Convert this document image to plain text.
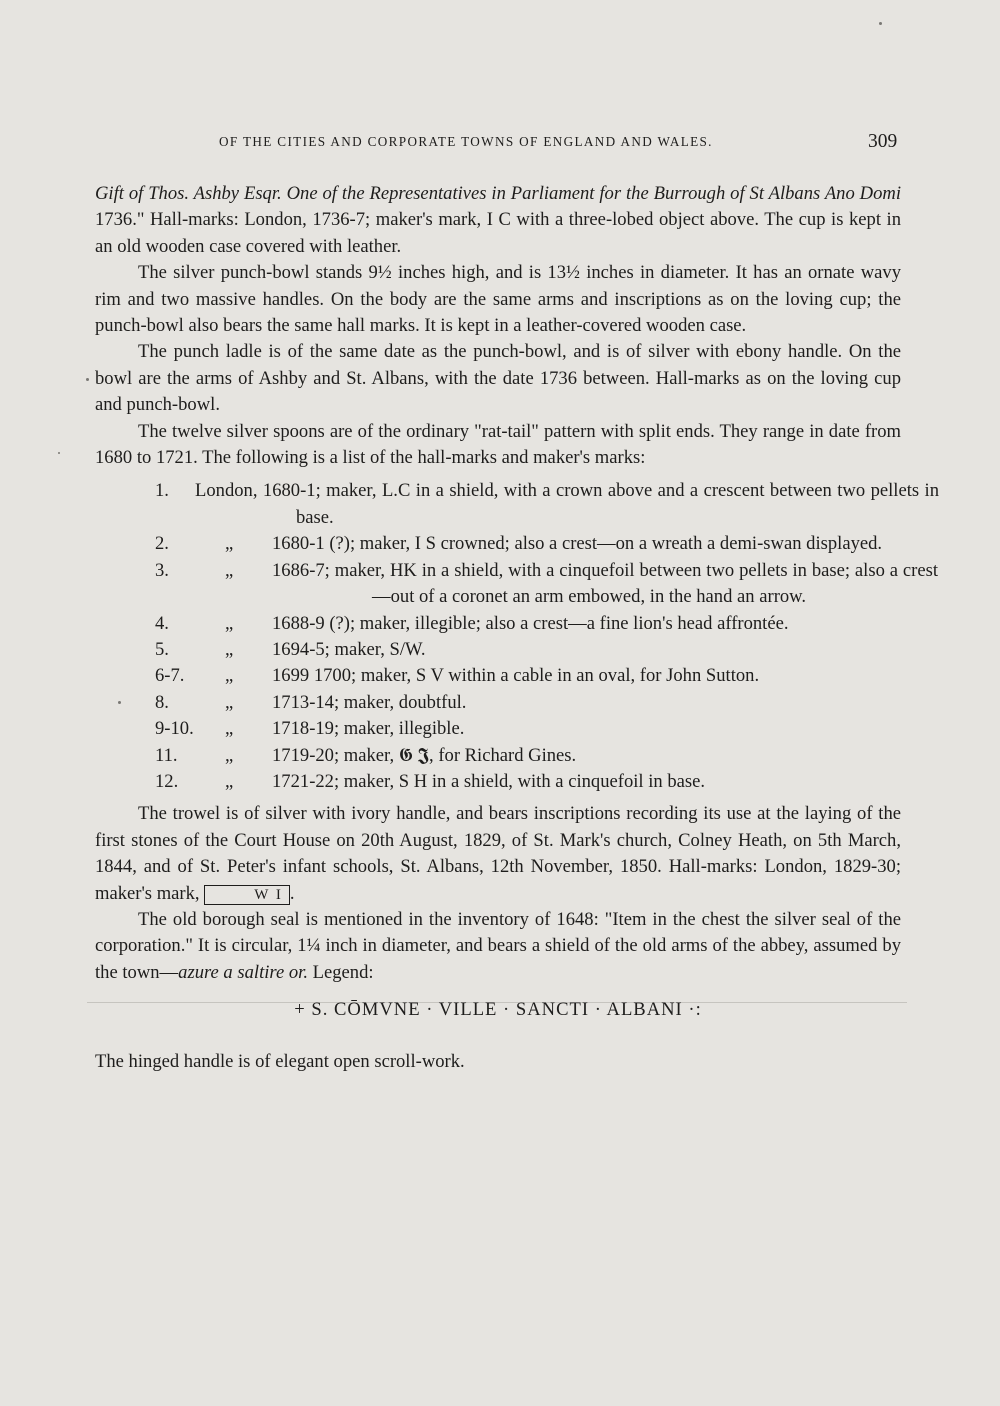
OF THE CITIES AND CORPORATE TOWNS OF ENGLAND AND WALES.	309

Gift of Thos. Ashby Esqr. One of the Representatives in Parliament for the Burrough of St Albans Ano Domi 1736." Hall-marks: London, 1736-7; maker's mark, I C with a three-lobed object above. The cup is kept in an old wooden case covered with leather.

The silver punch-bowl stands 9½ inches high, and is 13½ inches in diameter. It has an ornate wavy rim and two massive handles. On the body are the same arms and inscriptions as on the loving cup; the punch-bowl also bears the same hall marks. It is kept in a leather-covered wooden case.

The punch ladle is of the same date as the punch-bowl, and is of silver with ebony handle. On the bowl are the arms of Ashby and St. Albans, with the date 1736 between. Hall-marks as on the loving cup and punch-bowl.

The twelve silver spoons are of the ordinary "rat-tail" pattern with split ends. They range in date from 1680 to 1721. The following is a list of the hall-marks and maker's marks:

1. London, 1680-1; maker, L.C in a shield, with a crown above and a crescent between two pellets in base.
2.	„ 1680-1 (?); maker, I S crowned; also a crest—on a wreath a demi-swan displayed.
3.	„ 1686-7; maker, HK in a shield, with a cinquefoil between two pellets in base; also a crest—out of a coronet an arm embowed, in the hand an arrow.
4.	„ 1688-9 (?); maker, illegible; also a crest—a fine lion's head affrontée.
5.	„ 1694-5; maker, S/W.
6-7. „ 1699 1700; maker, S V within a cable in an oval, for John Sutton.
8.	„ 1713-14; maker, doubtful.
9-10. „ 1718-19; maker, illegible.
11.	„ 1719-20; maker, 𝕲 𝕵, for Richard Gines.
12.	„ 1721-22; maker, S H in a shield, with a cinquefoil in base.

The trowel is of silver with ivory handle, and bears inscriptions recording its use at the laying of the first stones of the Court House on 20th August, 1829, of St. Mark's church, Colney Heath, on 5th March, 1844, and of St. Peter's infant schools, St. Albans, 12th November, 1850. Hall-marks: London, 1829-30; maker's mark,	W I .

The old borough seal is mentioned in the inventory of 1648: "Item in the chest the silver seal of the corporation." It is circular, 1¼ inch in diameter, and bears a shield of the old arms of the abbey, assumed by the town—azure a saltire or. Legend:

+ S. CŌMVNE · VILLE · SANCTI · ALBANI ·:

The hinged handle is of elegant open scroll-work.
